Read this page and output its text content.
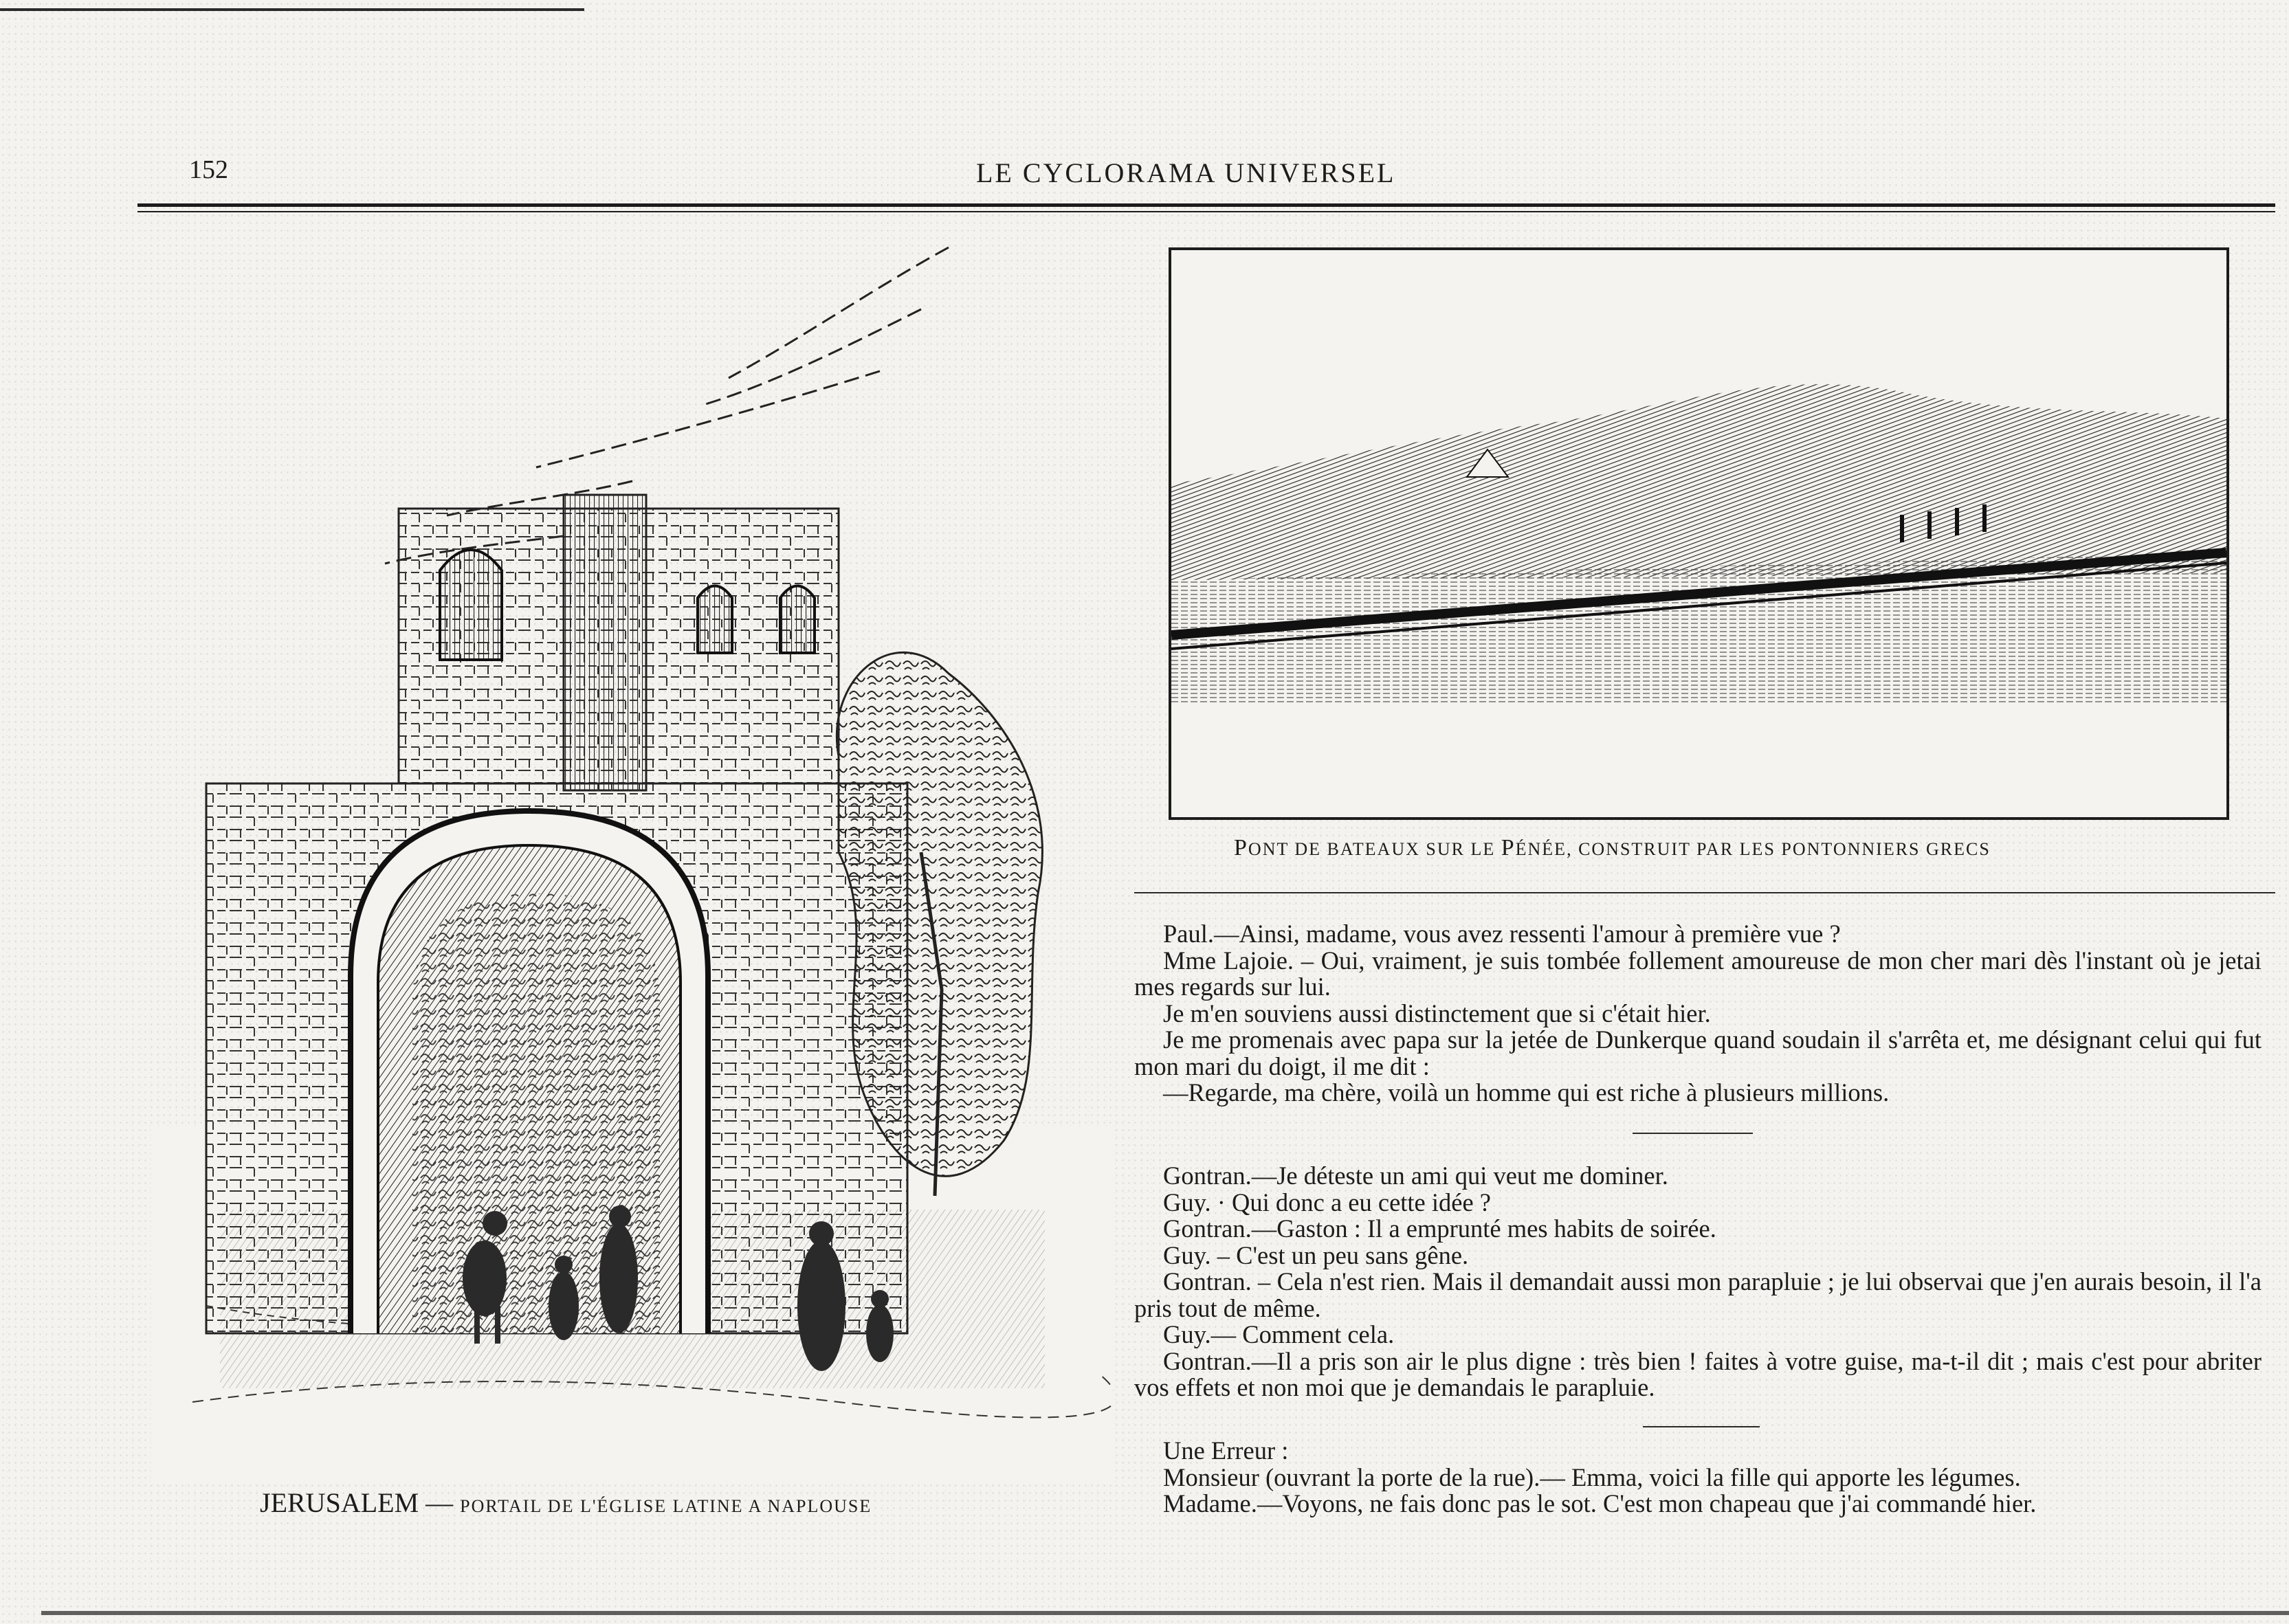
152	LE CYCLORAMA UNIVERSEL
JERUSALEM — PORTAIL DE L'ÉGLISE LATINE A NAPLOUSE
PONT DE BATEAUX SUR LE PÉNÉE, CONSTRUIT PAR LES PONTONNIERS GRECS

Paul.—Ainsi, madame, vous avez ressenti l'amour à première vue ?

Mme Lajoie. – Oui, vraiment, je suis tombée follement amoureuse de mon cher mari dès l'instant où je jetai mes regards sur lui.

Je m'en souviens aussi distinctement que si c'était hier.

Je me promenais avec papa sur la jetée de Dunkerque quand soudain il s'arrêta et, me désignant celui qui fut mon mari du doigt, il me dit :

—Regarde, ma chère, voilà un homme qui est riche à plusieurs millions.

Gontran.—Je déteste un ami qui veut me dominer.

Guy. · Qui donc a eu cette idée ?

Gontran.—Gaston : Il a emprunté mes habits de soirée.

Guy. – C'est un peu sans gêne.

Gontran. – Cela n'est rien. Mais il demandait aussi mon parapluie ; je lui observai que j'en aurais besoin, il l'a pris tout de même.

Guy.— Comment cela.

Gontran.—Il a pris son air le plus digne : très bien ! faites à votre guise, ma-t-il dit ; mais c'est pour abriter vos effets et non moi que je demandais le parapluie.

Une Erreur :

Monsieur (ouvrant la porte de la rue).— Emma, voici la fille qui apporte les légumes.

Madame.—Voyons, ne fais donc pas le sot. C'est mon chapeau que j'ai commandé hier.
